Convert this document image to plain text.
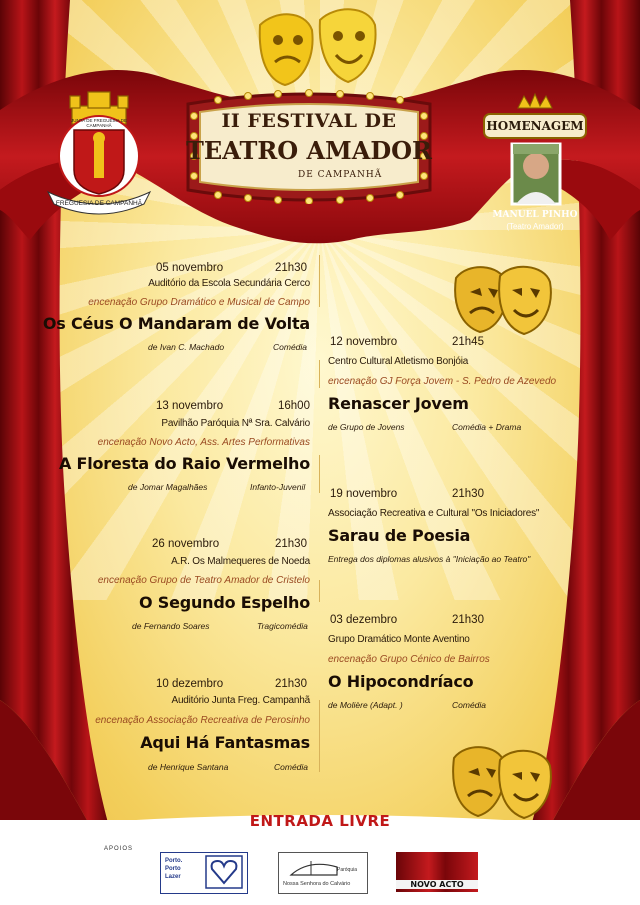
II FESTIVAL DE
TEATRO AMADOR
DE CAMPANHÃ
FREGUESIA DE CAMPANHÃ
JUNTA DE FREGUESIA DE CAMPANHÃ	HOMENAGEM
MANUEL PINHO
(Teatro Amador)
05 novembro	21h30
Auditório da Escola Secundária Cerco
encenação Grupo Dramático e Musical de Campo
Os Céus O Mandaram de Volta
de Ivan C. Machado	Comédia
13 novembro	16h00
Pavilhão Paróquia Nª Sra. Calvário
encenação Novo Acto, Ass. Artes Performativas
A Floresta do Raio Vermelho
de Jomar Magalhães	Infanto-Juvenil
26 novembro	21h30
A.R. Os Malmequeres de Noeda
encenação Grupo de Teatro Amador de Cristelo
O Segundo Espelho
de Fernando Soares	Tragicomédia
10 dezembro	21h30
Auditório Junta Freg. Campanhã
encenação Associação Recreativa de Perosinho
Aqui Há Fantasmas
de Henrique Santana	Comédia
12 novembro	21h45
Centro Cultural Atletismo Bonjóia
encenação GJ Força Jovem - S. Pedro de Azevedo
Renascer Jovem
de Grupo de Jovens	Comédia + Drama
19 novembro	21h30
Associação Recreativa e Cultural "Os Iniciadores"
Sarau de Poesia
Entrega dos diplomas alusivos à "Iniciação ao Teatro"
03 dezembro	21h30
Grupo Dramático Monte Aventino
encenação Grupo Cénico de Bairros
O Hipocondríaco
de Molière (Adapt. )	Comédia
ENTRADA LIVRE
APOIOS
Porto.
Porto
Lazer
Paróquia
Nossa Senhora do Calvário	NOVO ACTO
